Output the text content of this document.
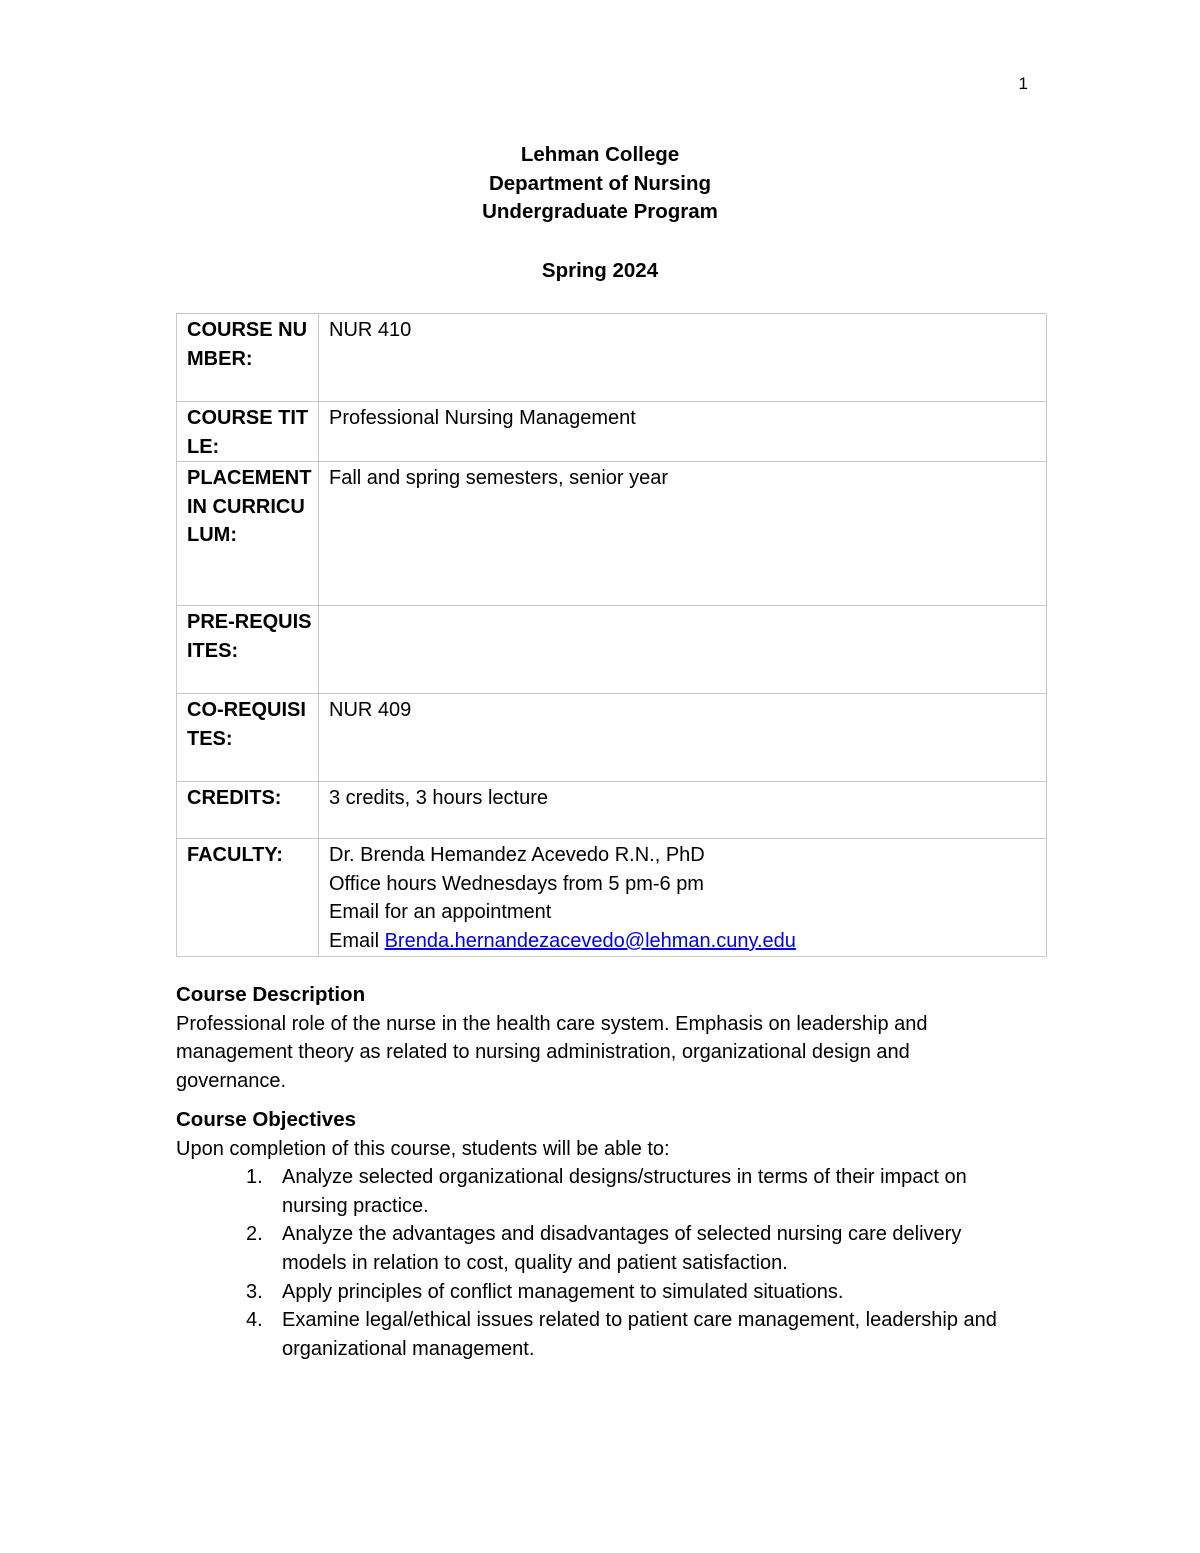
1
Lehman College
Department of Nursing
Undergraduate Program
Spring 2024
COURSE NUMBER:	NUR 410
COURSE TITLE:	Professional Nursing Management
PLACEMENT IN CURRICULUM:	Fall and spring semesters, senior year
PRE-REQUISITES:	
CO-REQUISITES:	NUR 409
CREDITS:	3 credits, 3 hours lecture
FACULTY:	Dr. Brenda Hemandez Acevedo R.N., PhD
Office hours Wednesdays from 5 pm-6 pm
Email for an appointment
Email Brenda.hernandezacevedo@lehman.cuny.edu
Course Description
Professional role of the nurse in the health care system. Emphasis on leadership and management theory as related to nursing administration, organizational design and governance.
Course Objectives
Upon completion of this course, students will be able to:
1. Analyze selected organizational designs/structures in terms of their impact on nursing practice.
2. Analyze the advantages and disadvantages of selected nursing care delivery models in relation to cost, quality and patient satisfaction.
3. Apply principles of conflict management to simulated situations.
4. Examine legal/ethical issues related to patient care management, leadership and organizational management.
